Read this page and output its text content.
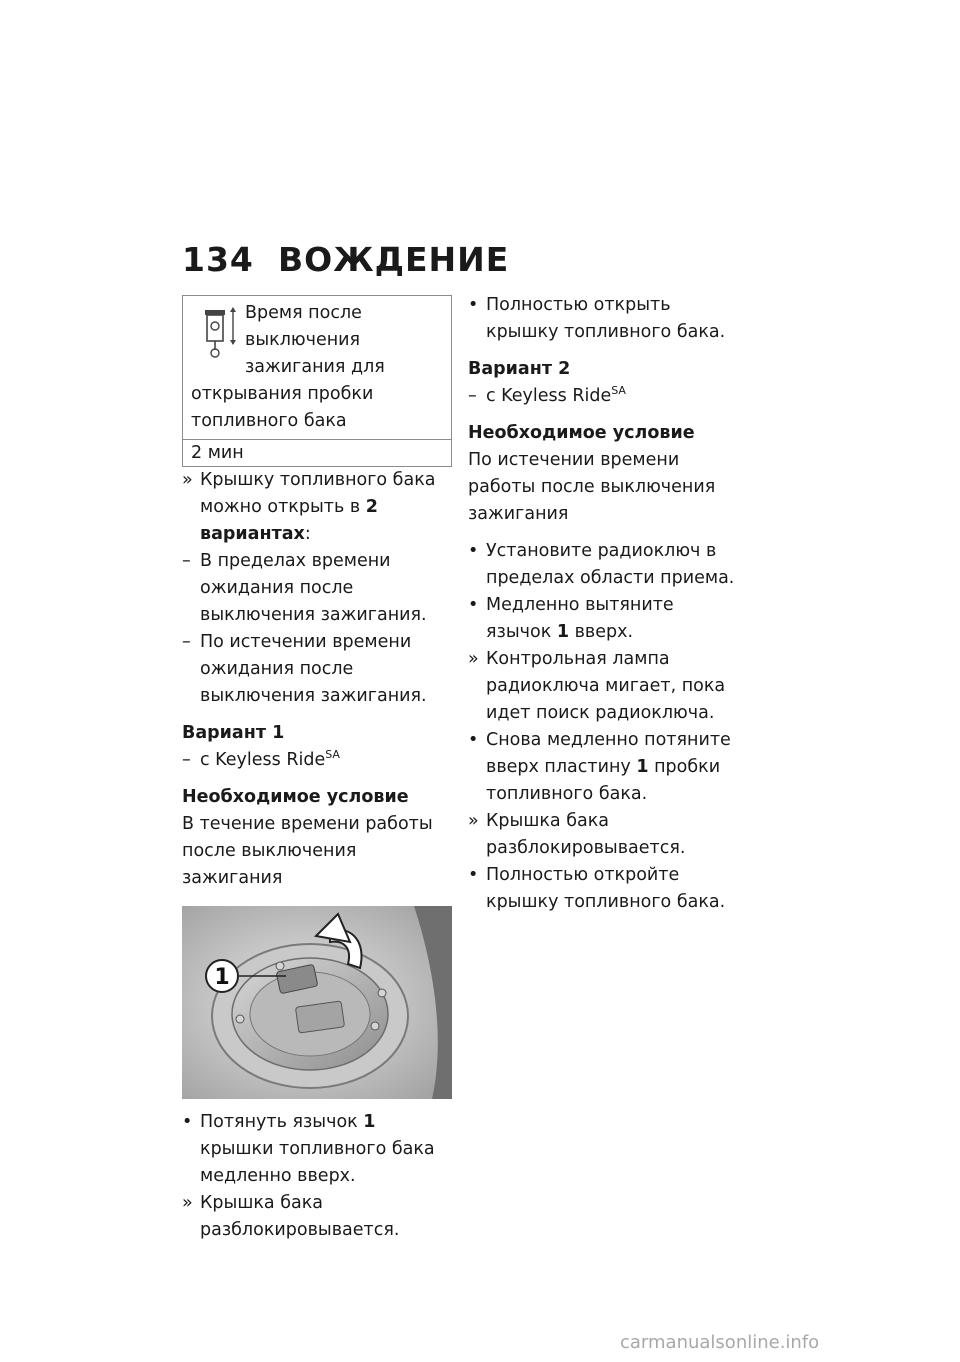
134 ВОЖДЕНИЕ
Время после выключения зажигания для открывания пробки топливного бака
2 мин
» Крышку топливного бака можно открыть в 2 вариантах:
– В пределах времени ожидания после выключения зажигания.
– По истечении времени ожидания после выключения зажигания.
Вариант 1
– с Keyless Ride$^{SA}$
Необходимое условие
В течение времени работы после выключения зажигания
1
• Потянуть язычок 1 крышки топливного бака медленно вверх.
» Крышка бака разблокировывается.
• Полностью открыть крышку топливного бака.
Вариант 2
– с Keyless Ride$^{SA}$
Необходимое условие
По истечении времени работы после выключения зажигания
• Установите радиоключ в пределах области приема.
• Медленно вытяните язычок 1 вверх.
» Контрольная лампа радиоключа мигает, пока идет поиск радиоключа.
• Снова медленно потяните вверх пластину 1 пробки топливного бака.
» Крышка бака разблокировывается.
• Полностью откройте крышку топливного бака.
carmanualsonline.info
